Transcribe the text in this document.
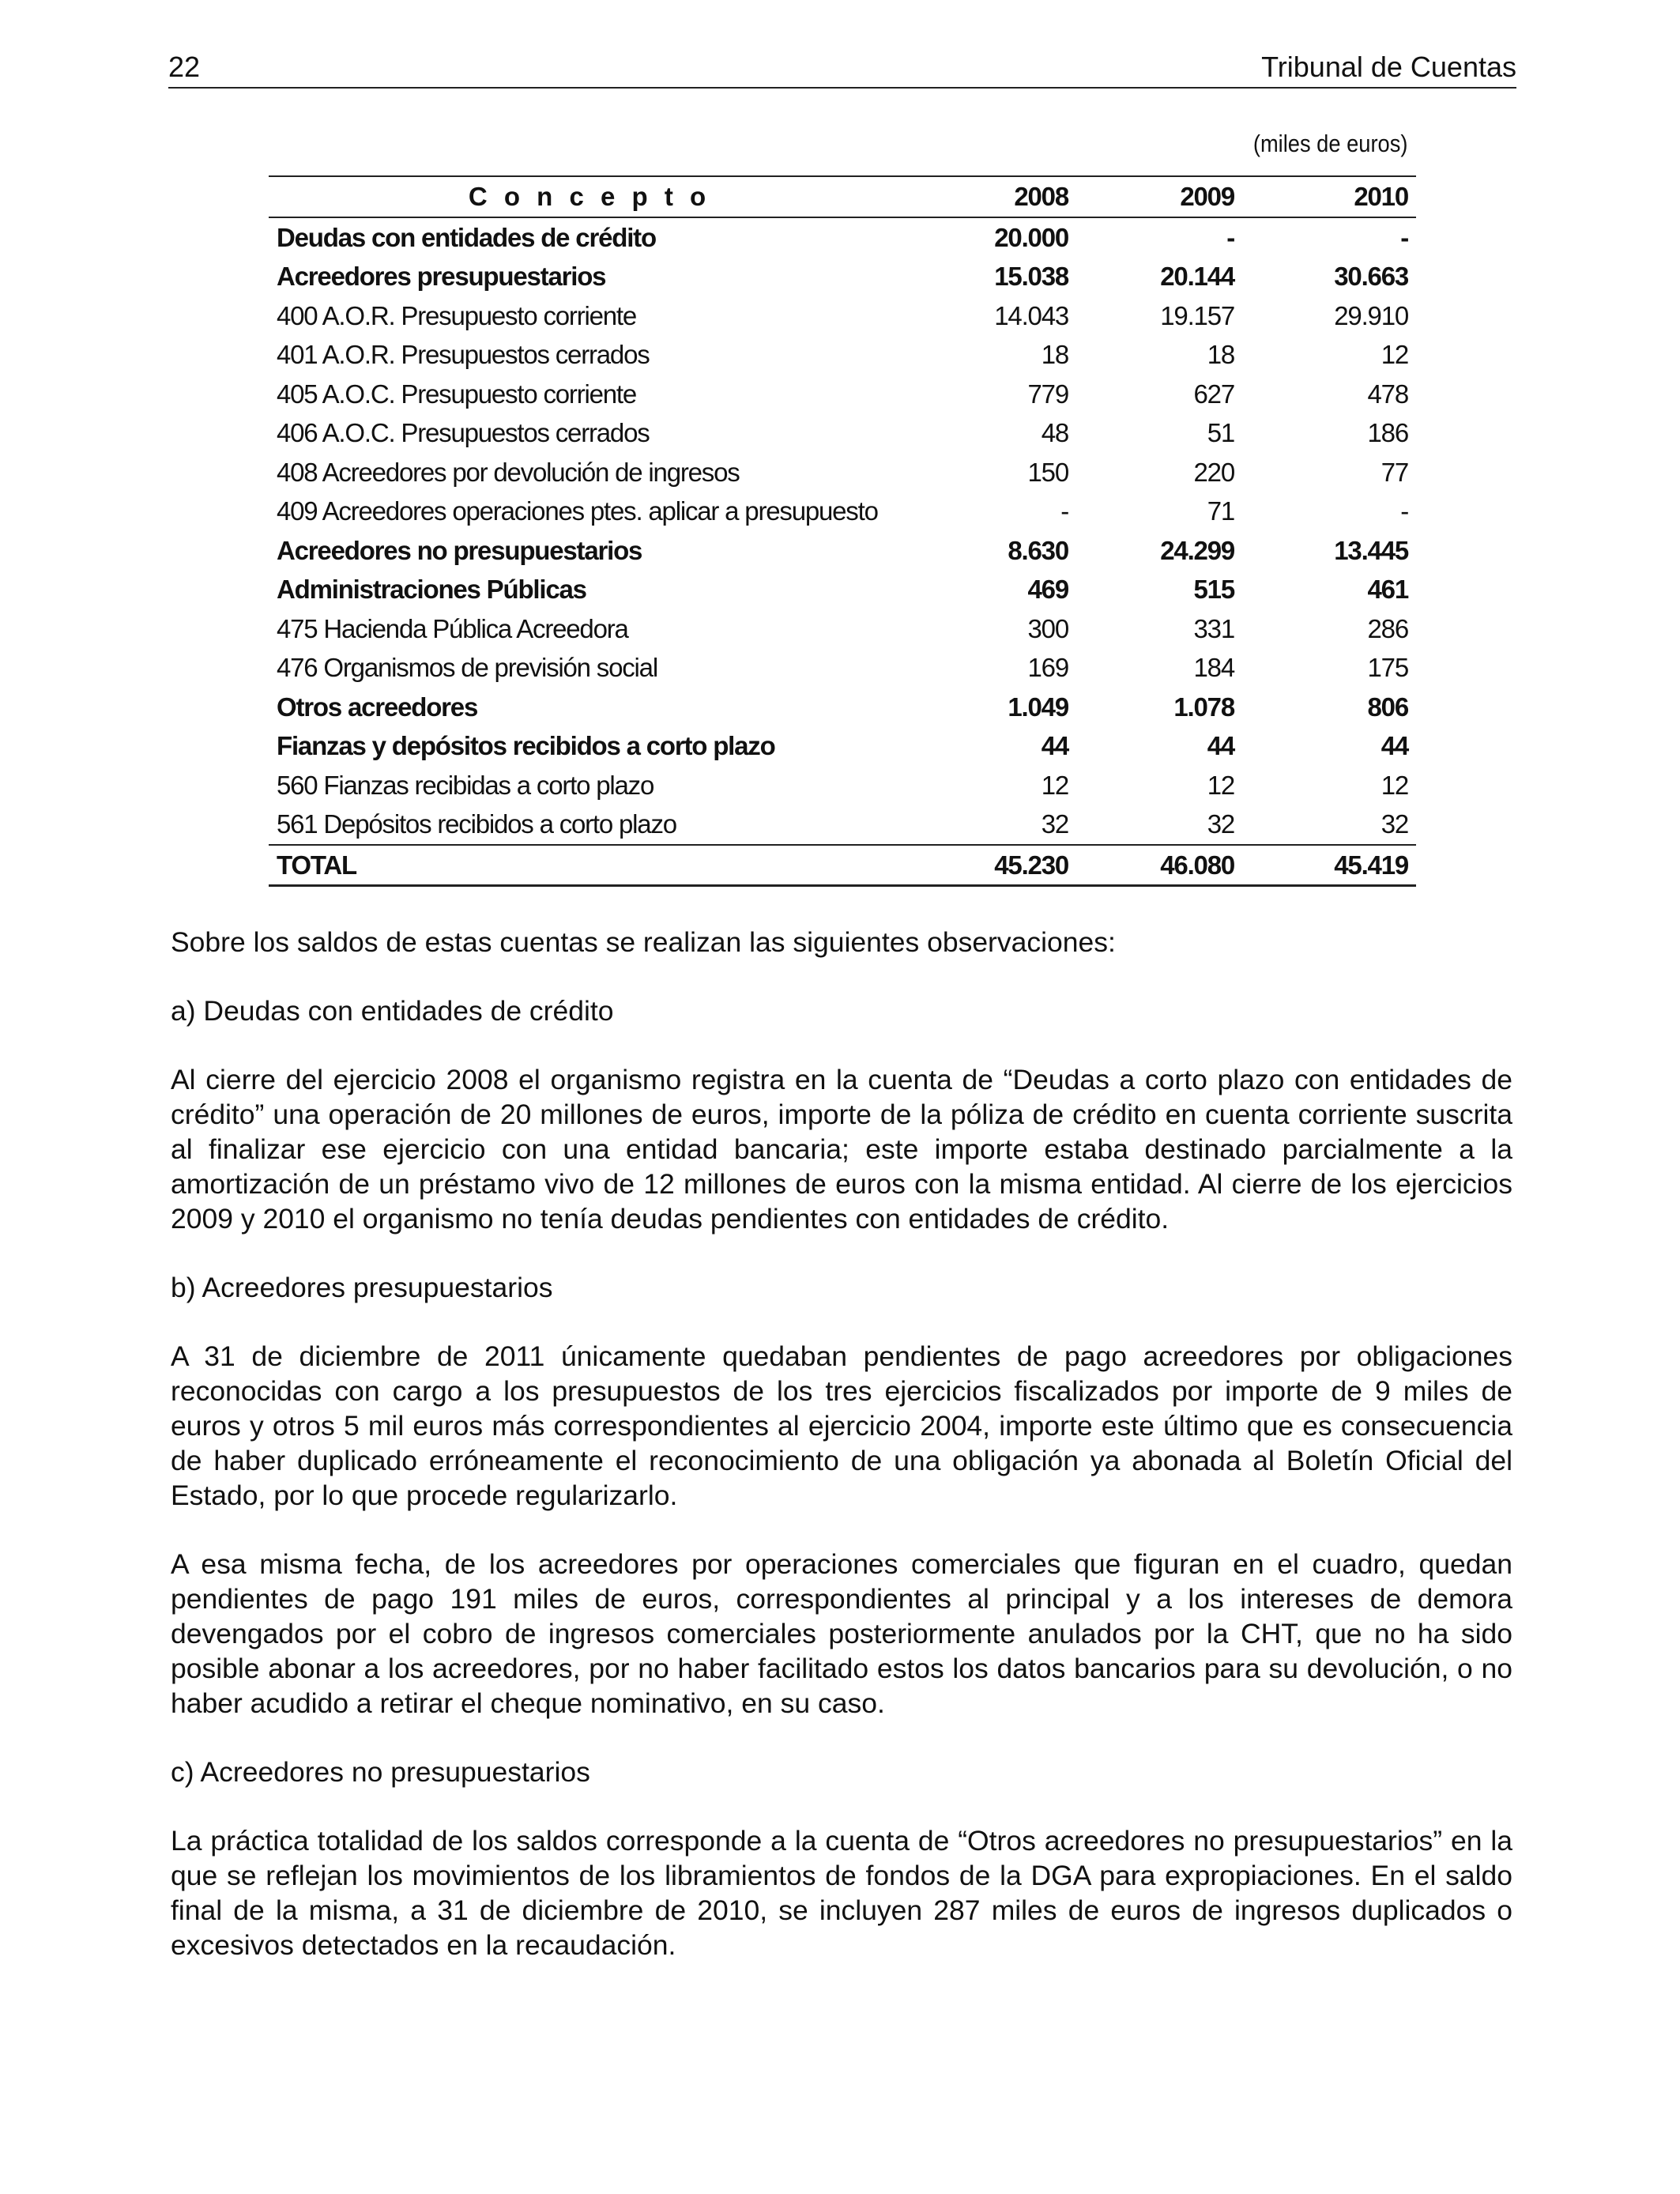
22	Tribunal de Cuentas
(miles de euros)
C o n c e p t o	2008	2009	2010
Deudas con entidades de crédito	20.000	-	-
Acreedores presupuestarios	15.038	20.144	30.663
400 A.O.R. Presupuesto corriente	14.043	19.157	29.910
401 A.O.R. Presupuestos cerrados	18	18	12
405 A.O.C. Presupuesto corriente	779	627	478
406 A.O.C. Presupuestos cerrados	48	51	186
408 Acreedores por devolución de ingresos	150	220	77
409 Acreedores operaciones ptes. aplicar a presupuesto	-	71	-
Acreedores no presupuestarios	8.630	24.299	13.445
Administraciones Públicas	469	515	461
475 Hacienda Pública Acreedora	300	331	286
476 Organismos de previsión social	169	184	175
Otros acreedores	1.049	1.078	806
Fianzas y depósitos recibidos a corto plazo	44	44	44
560 Fianzas recibidas a corto plazo	12	12	12
561 Depósitos recibidos a corto plazo	32	32	32
TOTAL	45.230	46.080	45.419

Sobre los saldos de estas cuentas se realizan las siguientes observaciones:

a) Deudas con entidades de crédito

Al cierre del ejercicio 2008 el organismo registra en la cuenta de “Deudas a corto plazo con entidades de crédito” una operación de 20 millones de euros, importe de la póliza de crédito en cuenta corriente suscrita al finalizar ese ejercicio con una entidad bancaria; este importe estaba destinado parcialmente a la amortización de un préstamo vivo de 12 millones de euros con la misma entidad. Al cierre de los ejercicios 2009 y 2010 el organismo no tenía deudas pendientes con entidades de crédito.

b) Acreedores presupuestarios

A 31 de diciembre de 2011 únicamente quedaban pendientes de pago acreedores por obligaciones reconocidas con cargo a los presupuestos de los tres ejercicios fiscalizados por importe de 9 miles de euros y otros 5 mil euros más correspondientes al ejercicio 2004, importe este último que es consecuencia de haber duplicado erróneamente el reconocimiento de una obligación ya abonada al Boletín Oficial del Estado, por lo que procede regularizarlo.

A esa misma fecha, de los acreedores por operaciones comerciales que figuran en el cuadro, quedan pendientes de pago 191 miles de euros, correspondientes al principal y a los intereses de demora devengados por el cobro de ingresos comerciales posteriormente anulados por la CHT, que no ha sido posible abonar a los acreedores, por no haber facilitado estos los datos bancarios para su devolución, o no haber acudido a retirar el cheque nominativo, en su caso.

c) Acreedores no presupuestarios

La práctica totalidad de los saldos corresponde a la cuenta de “Otros acreedores no presupuestarios” en la que se reflejan los movimientos de los libramientos de fondos de la DGA para expropiaciones. En el saldo final de la misma, a 31 de diciembre de 2010, se incluyen 287 miles de euros de ingresos duplicados o excesivos detectados en la recaudación.
